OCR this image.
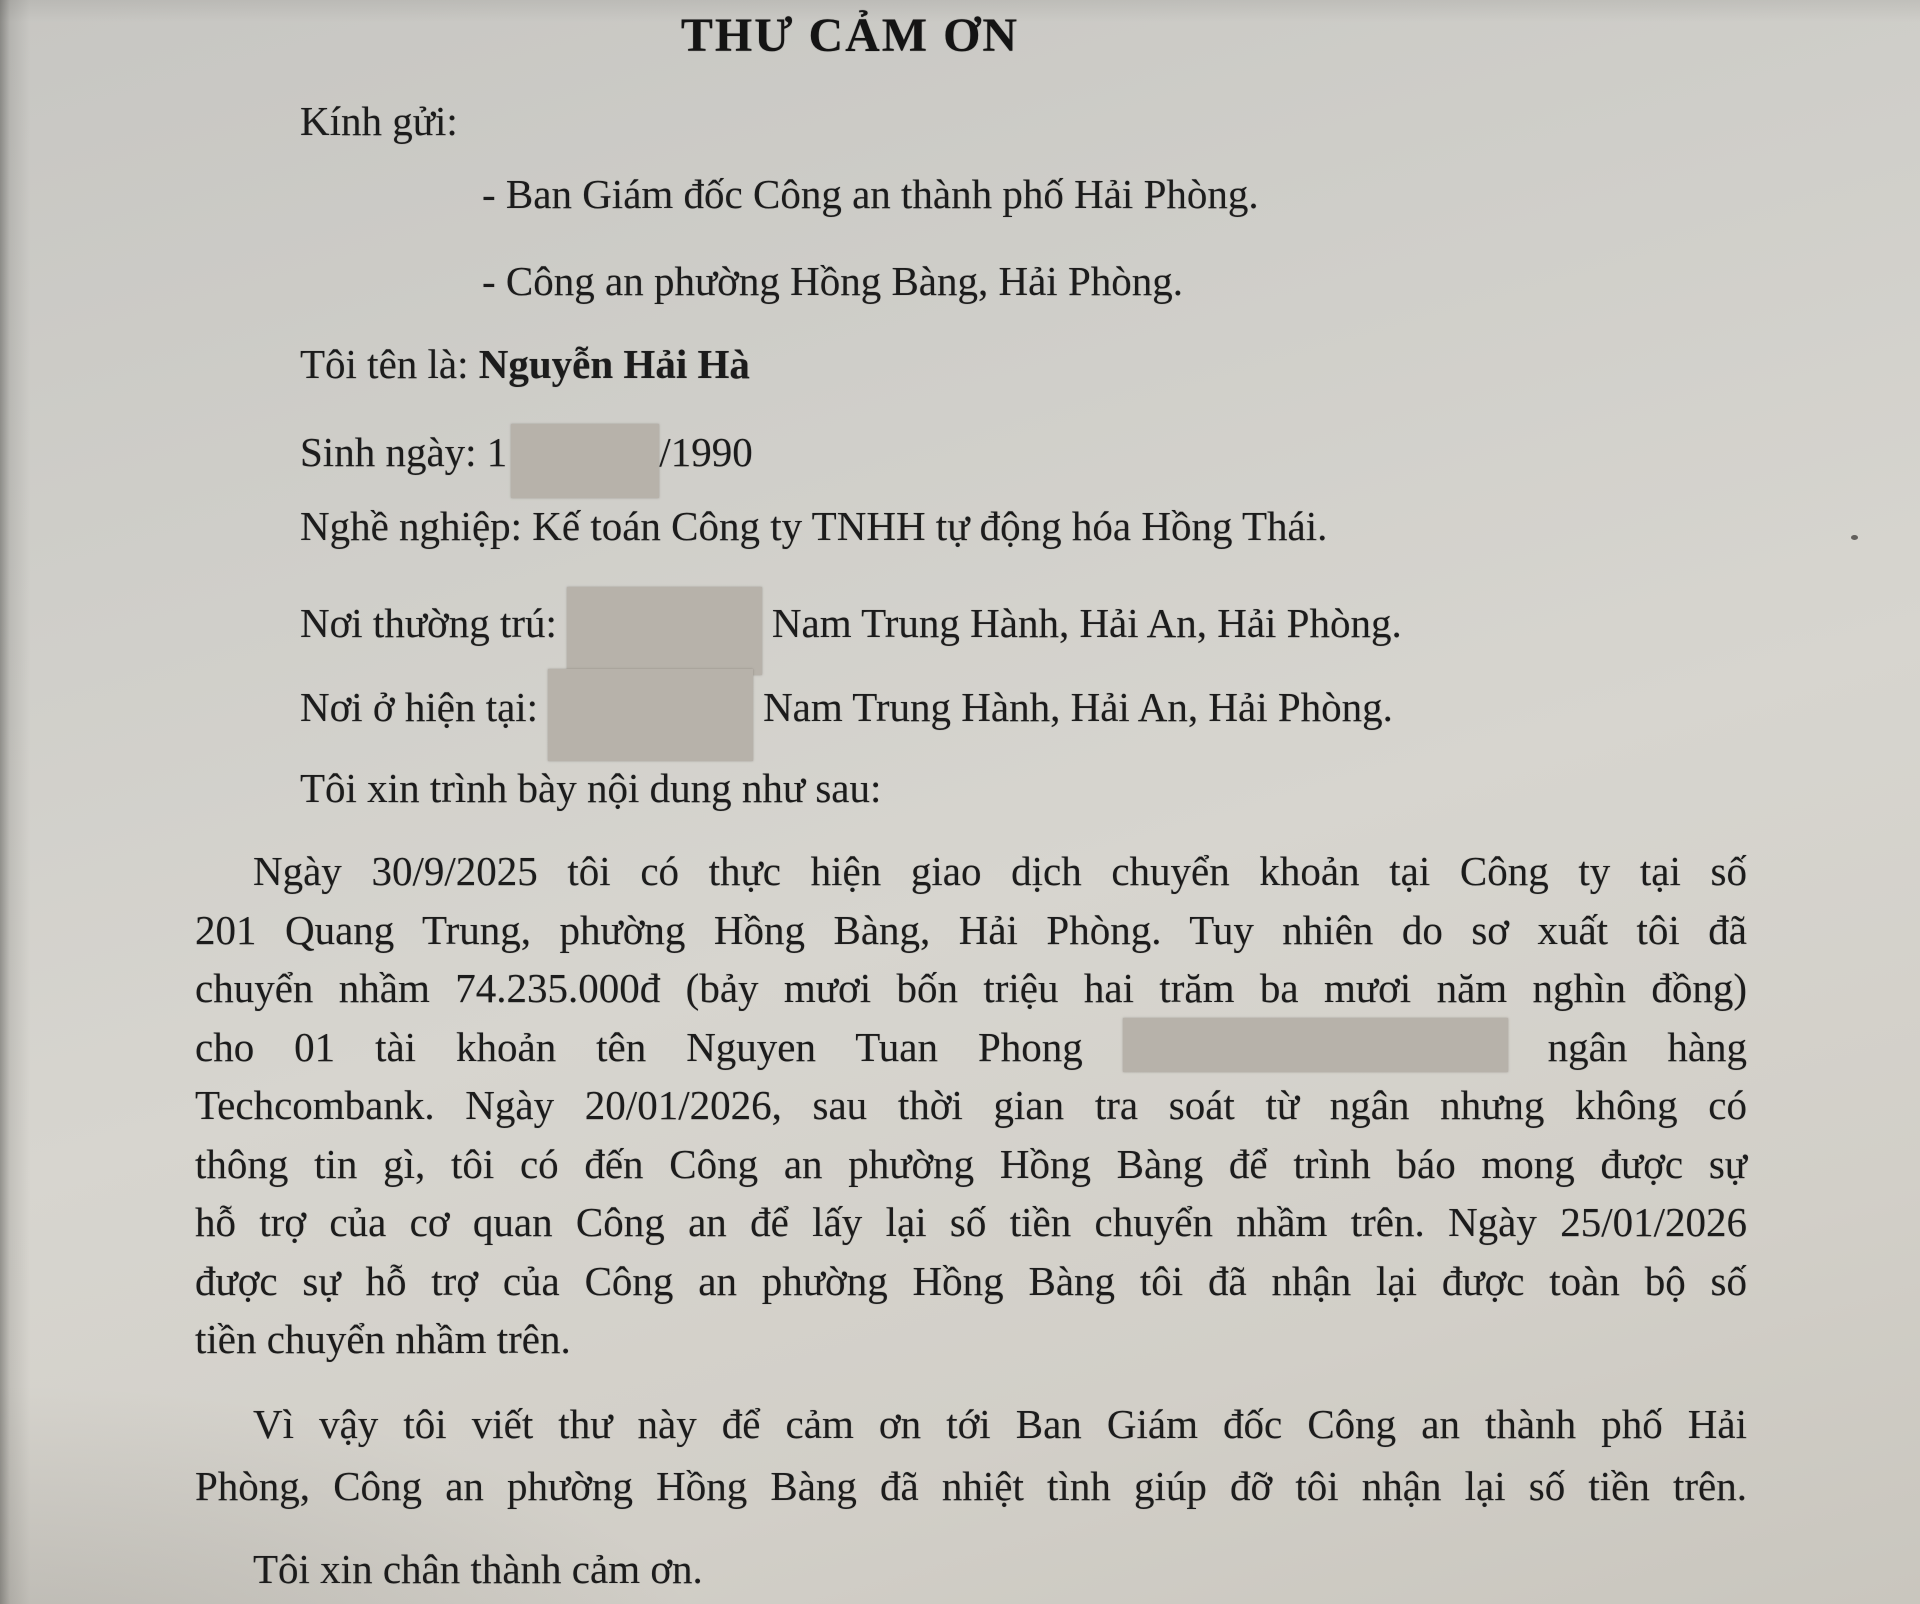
THƯ CẢM ƠN
Kính gửi:
- Ban Giám đốc Công an thành phố Hải Phòng.
- Công an phường Hồng Bàng, Hải Phòng.
Tôi tên là: Nguyễn Hải Hà
Sinh ngày: 1	/1990
Nghề nghiệp: Kế toán Công ty TNHH tự động hóa Hồng Thái.
Nơi thường trú:	Nam Trung Hành, Hải An, Hải Phòng.
Nơi ở hiện tại:	Nam Trung Hành, Hải An, Hải Phòng.
Tôi xin trình bày nội dung như sau:
Ngày 30/9/2025 tôi có thực hiện giao dịch chuyển khoản tại Công ty tại số
201 Quang Trung, phường Hồng Bàng, Hải Phòng. Tuy nhiên do sơ xuất tôi đã
chuyển nhầm 74.235.000đ (bảy mươi bốn triệu hai trăm ba mươi năm nghìn đồng)
cho 01 tài khoản tên Nguyen Tuan Phong	ngân hàng
Techcombank. Ngày 20/01/2026, sau thời gian tra soát từ ngân nhưng không có
thông tin gì, tôi có đến Công an phường Hồng Bàng để trình báo mong được sự
hỗ trợ của cơ quan Công an để lấy lại số tiền chuyển nhầm trên. Ngày 25/01/2026
được sự hỗ trợ của Công an phường Hồng Bàng tôi đã nhận lại được toàn bộ số
tiền chuyển nhầm trên.
Vì vậy tôi viết thư này để cảm ơn tới Ban Giám đốc Công an thành phố Hải
Phòng, Công an phường Hồng Bàng đã nhiệt tình giúp đỡ tôi nhận lại số tiền trên.
Tôi xin chân thành cảm ơn.
